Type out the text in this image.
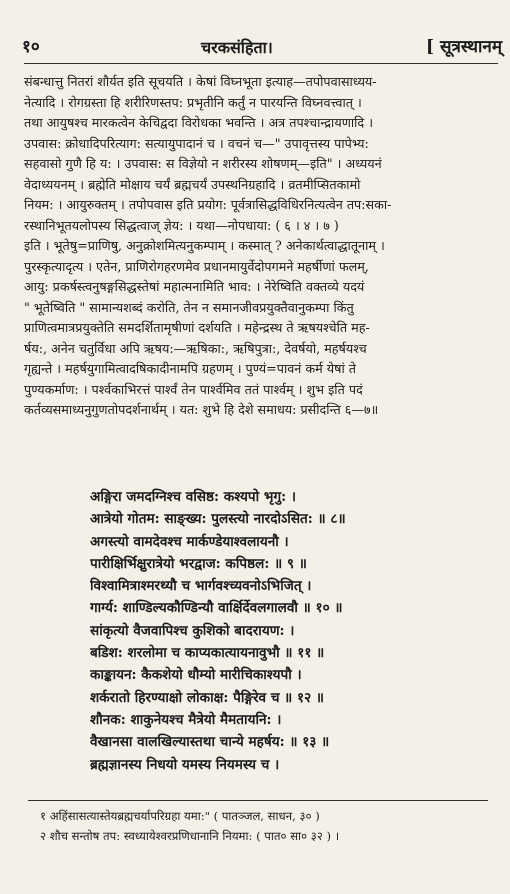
१०	चरकसंहिता।	[ सूत्रस्थानम्
संबन्धात्तु नितरां शौर्यत इति सूचयति । केषां विघ्नभूता इत्याह—तपोपवासाध्यय-
नेत्यादि । रोगग्रस्ता हि शरीरिणस्तप: प्रभृतीनि कर्तुं न पारयन्ति विघ्नवत्त्वात् ।
तथा आयुषश्च मारकत्वेन केचिद्वदा विरोधका भवन्ति । अत्र तपश्चान्द्रायणादि ।
उपवास: क्रोधादिपरित्याग: सत्यायुपादानं च । वचनं च—" उपावृत्तस्य पापेभ्य:
सहवासो गुणै हि य: । उपवास: स विज्ञेयो न शरीरस्य शोषणम्—इति" । अध्ययनं
वेदाध्ययनम् । ब्रह्मेति मोक्षाय चर्यं ब्रह्मचर्यं उपस्थनिग्रहादि । व्रतमीप्सितकामो
नियम: । आयुरुक्तम् । तपोपवास इति प्रयोग: पूर्वत्रासिद्धविधिरनित्यत्वेन तप:सका-
रस्थानिभूतयलोपस्य सिद्धत्वाज् ज्ञेय: । यथा—नोपधाया: ( ६ । ४ । ७ )
इति । भूतेषु=प्राणिषु, अनुक्रोशमित्यनुकम्पाम् । कस्मात् ? अनेकार्थत्वाद्धातूनाम् ।
पुरस्कृत्यादृत्य । एतेन, प्राणिरोगहरणमेव प्रधानमायुर्वेदोपगमने महर्षीणां फलम्,
आयु: प्रकर्षस्त्वनुषङ्गसिद्धस्तेषां महात्मनामिति भाव: । नेरेष्विति वक्तव्ये यदयं
" भूतेष्विति " सामान्यशब्दं करोति, तेन न समानजीवप्रयुक्तैवानुकम्पा किंतु
प्राणित्वमात्रप्रयुक्तेति समदर्शितामृषीणां दर्शयति । महेन्द्रस्थ ते ऋषयश्चेति मह-
र्षय:, अनेन चतुर्विधा अपि ऋषय:—ऋषिका:, ऋषिपुत्रा:, देवर्षयो, महर्षयश्च
गृह्यन्ते । महर्षयुगामित्वादषिकादीनामपि ग्रहणम् । पुण्यं=पावनं कर्म येषां ते
पुण्यकर्माण: । पर्श्वकाभिरत्तं पार्श्वं तेन पार्श्वमिव ततं पार्श्वम् । शुभ इति पदं
कर्तव्यसमाध्यनुगुणतोपदर्शनार्थम् । यत: शुभे हि देशे समाधय: प्रसीदन्ति ६—७॥
अङ्गिरा जमदग्निश्च वसिष्ठ: कश्यपो भृगु: ।
आत्रेयो गोतम: साङ्ख्य: पुलस्त्यो नारदोऽसित: ॥ ८॥
अगस्त्यो वामदेवश्च मार्कण्डेयाश्वलायनौ ।
पारीक्षिर्भिक्षुरात्रेयो भरद्वाज: कपिष्ठल: ॥ ९ ॥
विश्वामित्राश्मरथ्यौ च भार्गवश्च्यवनोऽभिजित् ।
गार्ग्य: शाण्डिल्यकौण्डिन्यौ वार्क्षिर्देवलगालवौ ॥ १० ॥
सांकृत्यो वैजवापिश्च कुशिको बादरायण: ।
बडिश: शरलोमा च काप्यकात्यायनावुभौ ॥ ११ ॥
काङ्कायन: कैकशेयो धौम्यो मारीचिकाश्यपौ ।
शर्करातो हिरण्याक्षो लोकाक्ष: पैङ्गिरेव च ॥ १२ ॥
शौनक: शाकुनेयश्च मैत्रेयो मैमतायनि: ।
वैखानसा वालखिल्यास्तथा चान्ये महर्षय: ॥ १३ ॥
ब्रह्मज्ञानस्य निधयो यमस्य नियमस्य च ।
१ अहिंसासत्यास्तेयब्रह्मचर्यापरिग्रहा यमा:" ( पातञ्जल, साधन, ३० )
२ शौच सन्तोष तप: स्वध्यायेश्वरप्रणिधानानि नियमा: ( पात० सा० ३२ ) ।
